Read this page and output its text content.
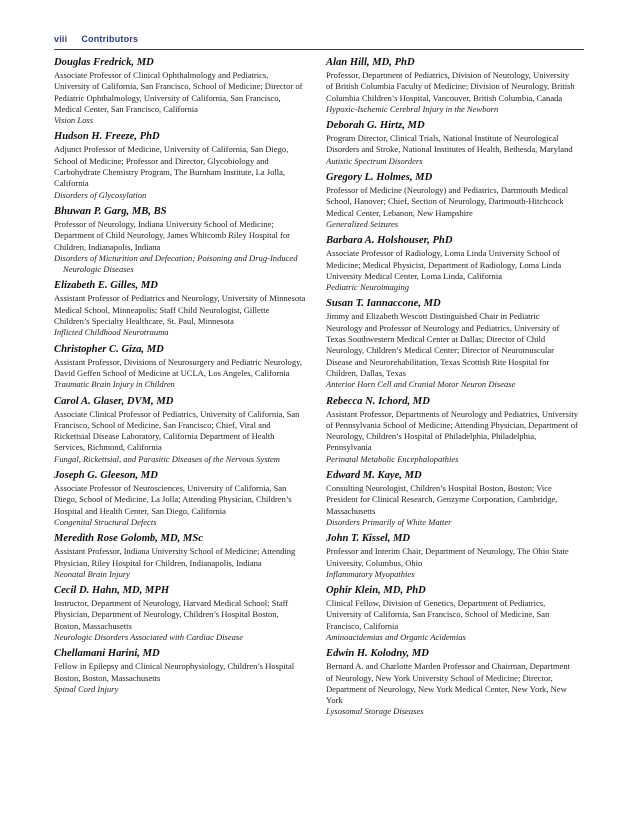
viii Contributors
Douglas Fredrick, MD
Associate Professor of Clinical Ophthalmology and Pediatrics, University of California, San Francisco, School of Medicine; Director of Pediatric Ophthalmology, University of California, San Francisco, Medical Center, San Francisco, California
Vision Loss
Hudson H. Freeze, PhD
Adjunct Professor of Medicine, University of California, San Diego, School of Medicine; Professor and Director, Glycobiology and Carbohydrate Chemistry Program, The Burnham Institute, La Jolla, California
Disorders of Glycosylation
Bhuwan P. Garg, MB, BS
Professor of Neurology, Indiana University School of Medicine; Department of Child Neurology, James Whitcomb Riley Hospital for Children, Indianapolis, Indiana
Disorders of Micturition and Defecation; Poisoning and Drug-Induced Neurologic Diseases
Elizabeth E. Gilles, MD
Assistant Professor of Pediatrics and Neurology, University of Minnesota Medical School, Minneapolis; Staff Child Neurologist, Gillette Children’s Specialty Healthcare, St. Paul, Minnesota
Inflicted Childhood Neurotrauma
Christopher C. Giza, MD
Assistant Professor, Divisions of Neurosurgery and Pediatric Neurology, David Geffen School of Medicine at UCLA, Los Angeles, California
Traumatic Brain Injury in Children
Carol A. Glaser, DVM, MD
Associate Clinical Professor of Pediatrics, University of California, San Francisco, School of Medicine, San Francisco; Chief, Viral and Rickettsial Disease Laboratory, California Department of Health Services, Richmond, California
Fungal, Rickettsial, and Parasitic Diseases of the Nervous System
Joseph G. Gleeson, MD
Associate Professor of Neurosciences, University of California, San Diego, School of Medicine, La Jolla; Attending Physician, Children’s Hospital and Health Center, San Diego, California
Congenital Structural Defects
Meredith Rose Golomb, MD, MSc
Assistant Professor, Indiana University School of Medicine; Attending Physician, Riley Hospital for Children, Indianapolis, Indiana
Neonatal Brain Injury
Cecil D. Hahn, MD, MPH
Instructor, Department of Neurology, Harvard Medical School; Staff Physician, Department of Neurology, Children’s Hospital Boston, Boston, Massachusetts
Neurologic Disorders Associated with Cardiac Disease
Chellamani Harini, MD
Fellow in Epilepsy and Clinical Neurophysiology, Children’s Hospital Boston, Boston, Massachusetts
Spinal Cord Injury
Alan Hill, MD, PhD
Professor, Department of Pediatrics, Division of Neurology, University of British Columbia Faculty of Medicine; Division of Neurology, British Columbia Children’s Hospital, Vancouver, British Columbia, Canada
Hypoxic-Ischemic Cerebral Injury in the Newborn
Deborah G. Hirtz, MD
Program Director, Clinical Trials, National Institute of Neurological Disorders and Stroke, National Institutes of Health, Bethesda, Maryland
Autistic Spectrum Disorders
Gregory L. Holmes, MD
Professor of Medicine (Neurology) and Pediatrics, Dartmouth Medical School, Hanover; Chief, Section of Neurology, Dartmouth-Hitchcock Medical Center, Lebanon, New Hampshire
Generalized Seizures
Barbara A. Holshouser, PhD
Associate Professor of Radiology, Loma Linda University School of Medicine; Medical Physicist, Department of Radiology, Loma Linda University Medical Center, Loma Linda, California
Pediatric Neuroimaging
Susan T. Iannaccone, MD
Jimmy and Elizabeth Wescott Distinguished Chair in Pediatric Neurology and Professor of Neurology and Pediatrics, University of Texas Southwestern Medical Center at Dallas; Director of Child Neurology, Children’s Medical Center; Director of Neuromuscular Disease and Neurorehabilitation, Texas Scottish Rite Hospital for Children, Dallas, Texas
Anterior Horn Cell and Cranial Motor Neuron Disease
Rebecca N. Ichord, MD
Assistant Professor, Departments of Neurology and Pediatrics, University of Pennsylvania School of Medicine; Attending Physician, Department of Neurology, Children’s Hospital of Philadelphia, Philadelphia, Pennsylvania
Perinatal Metabolic Encephalopathies
Edward M. Kaye, MD
Consulting Neurologist, Children’s Hospital Boston, Boston; Vice President for Clinical Research, Genzyme Corporation, Cambridge, Massachusetts
Disorders Primarily of White Matter
John T. Kissel, MD
Professor and Interim Chair, Department of Neurology, The Ohio State University, Columbus, Ohio
Inflammatory Myopathies
Ophir Klein, MD, PhD
Clinical Fellow, Division of Genetics, Department of Pediatrics, University of California, San Francisco, School of Medicine, San Francisco, California
Aminoacidemias and Organic Acidemias
Edwin H. Kolodny, MD
Bernard A. and Charlotte Marden Professor and Chairman, Department of Neurology, New York University School of Medicine; Director, Department of Neurology, New York Medical Center, New York, New York
Lysosomal Storage Diseases
